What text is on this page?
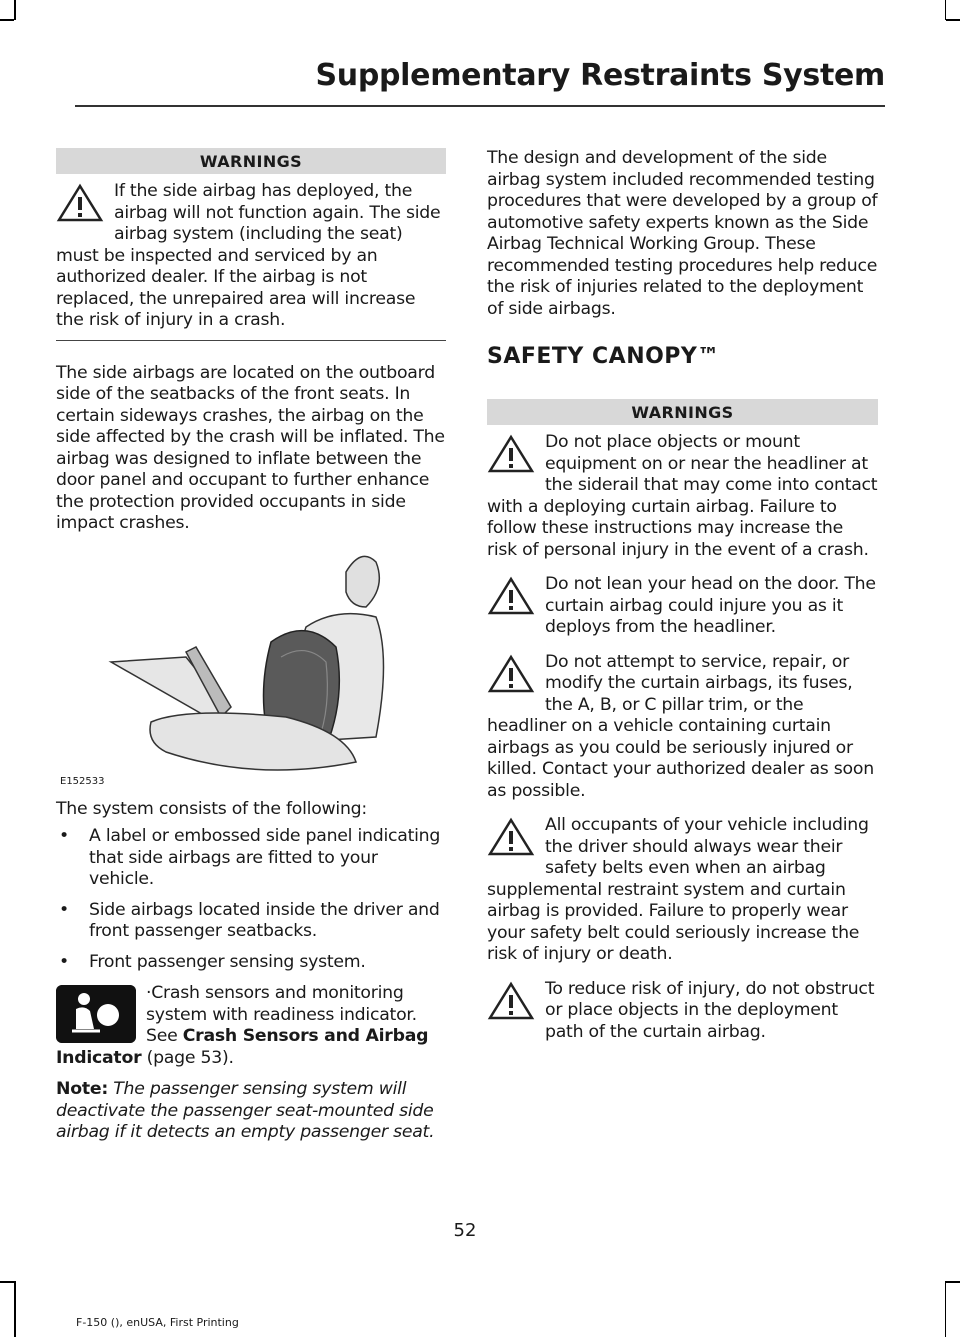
Supplementary Restraints System
WARNINGS
If the side airbag has deployed, the airbag will not function again. The side airbag system (including the seat) must be inspected and serviced by an authorized dealer. If the airbag is not replaced, the unrepaired area will increase the risk of injury in a crash.

The side airbags are located on the outboard side of the seatbacks of the front seats. In certain sideways crashes, the airbag on the side affected by the crash will be inflated. The airbag was designed to inflate between the door panel and occupant to further enhance the protection provided occupants in side impact crashes.

E152533

The system consists of the following:

• A label or embossed side panel indicating that side airbags are fitted to your vehicle.
• Side airbags located inside the driver and front passenger seatbacks.
• Front passenger sensing system.
·Crash sensors and monitoring system with readiness indicator. See Crash Sensors and Airbag Indicator (page 53).
Note: The passenger sensing system will deactivate the passenger seat-mounted side airbag if it detects an empty passenger seat.

The design and development of the side airbag system included recommended testing procedures that were developed by a group of automotive safety experts known as the Side Airbag Technical Working Group. These recommended testing procedures help reduce the risk of injuries related to the deployment of side airbags.

SAFETY CANOPY™
WARNINGS
Do not place objects or mount equipment on or near the headliner at the siderail that may come into contact with a deploying curtain airbag. Failure to follow these instructions may increase the risk of personal injury in the event of a crash.
Do not lean your head on the door. The curtain airbag could injure you as it deploys from the headliner.
Do not attempt to service, repair, or modify the curtain airbags, its fuses, the A, B, or C pillar trim, or the headliner on a vehicle containing curtain airbags as you could be seriously injured or killed. Contact your authorized dealer as soon as possible.
All occupants of your vehicle including the driver should always wear their safety belts even when an airbag supplemental restraint system and curtain airbag is provided. Failure to properly wear your safety belt could seriously increase the risk of injury or death.
To reduce risk of injury, do not obstruct or place objects in the deployment path of the curtain airbag.
52
F-150 (), enUSA, First Printing
